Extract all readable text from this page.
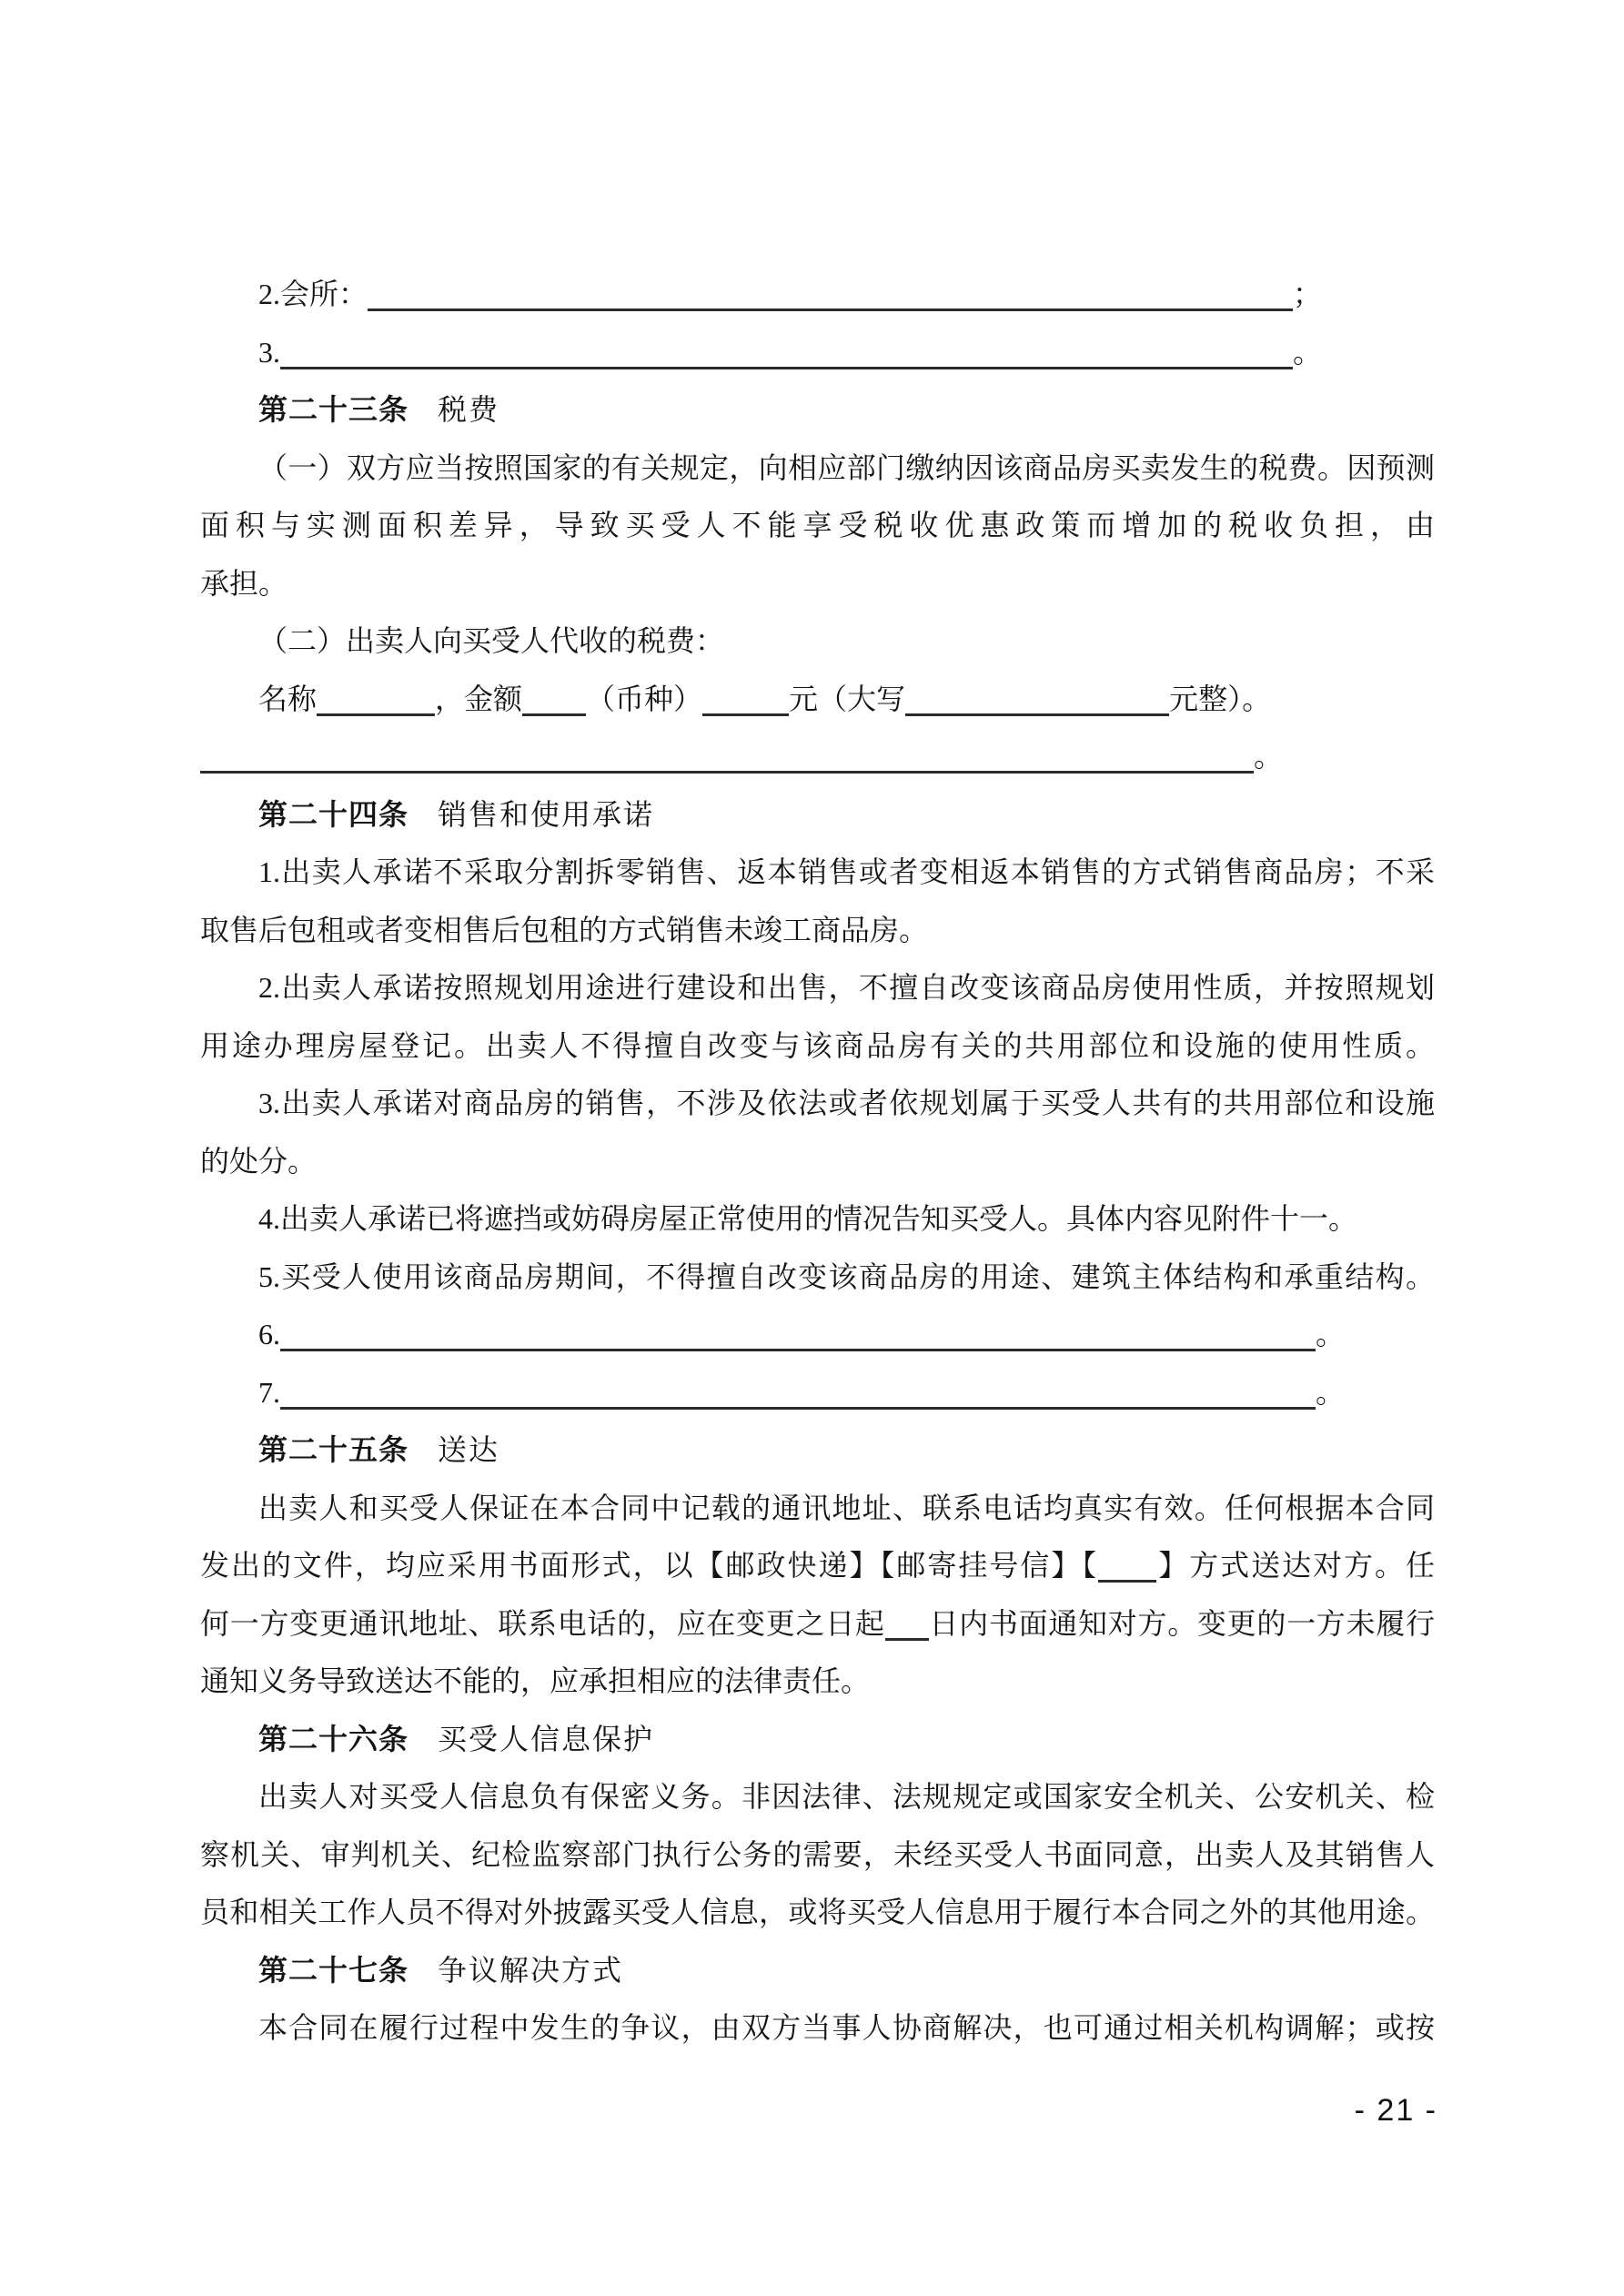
2.会所：	；
3.	。
第二十三条 税费
（一）双方应当按照国家的有关规定，向相应部门缴纳因该商品房买卖发生的税费。因预测
面积与实测面积差异，导致买受人不能享受税收优惠政策而增加的税收负担，由
承担。
（二）出卖人向买受人代收的税费：
名称	，金额 （币种）	元（大写	元整）。
。
第二十四条 销售和使用承诺
1.出卖人承诺不采取分割拆零销售、返本销售或者变相返本销售的方式销售商品房；不采
取售后包租或者变相售后包租的方式销售未竣工商品房。
2.出卖人承诺按照规划用途进行建设和出售，不擅自改变该商品房使用性质，并按照规划
用途办理房屋登记。出卖人不得擅自改变与该商品房有关的共用部位和设施的使用性质。
3.出卖人承诺对商品房的销售，不涉及依法或者依规划属于买受人共有的共用部位和设施
的处分。
4.出卖人承诺已将遮挡或妨碍房屋正常使用的情况告知买受人。具体内容见附件十一。
5.买受人使用该商品房期间，不得擅自改变该商品房的用途、建筑主体结构和承重结构。
6.	。
7.	。
第二十五条 送达
出卖人和买受人保证在本合同中记载的通讯地址、联系电话均真实有效。任何根据本合同
发出的文件，均应采用书面形式，以【邮政快递】【邮寄挂号信】【 】方式送达对方。任
何一方变更通讯地址、联系电话的，应在变更之日起 日内书面通知对方。变更的一方未履行
通知义务导致送达不能的，应承担相应的法律责任。
第二十六条 买受人信息保护
出卖人对买受人信息负有保密义务。非因法律、法规规定或国家安全机关、公安机关、检
察机关、审判机关、纪检监察部门执行公务的需要，未经买受人书面同意，出卖人及其销售人
员和相关工作人员不得对外披露买受人信息，或将买受人信息用于履行本合同之外的其他用途。
第二十七条 争议解决方式
本合同在履行过程中发生的争议，由双方当事人协商解决，也可通过相关机构调解；或按
- 21 -
